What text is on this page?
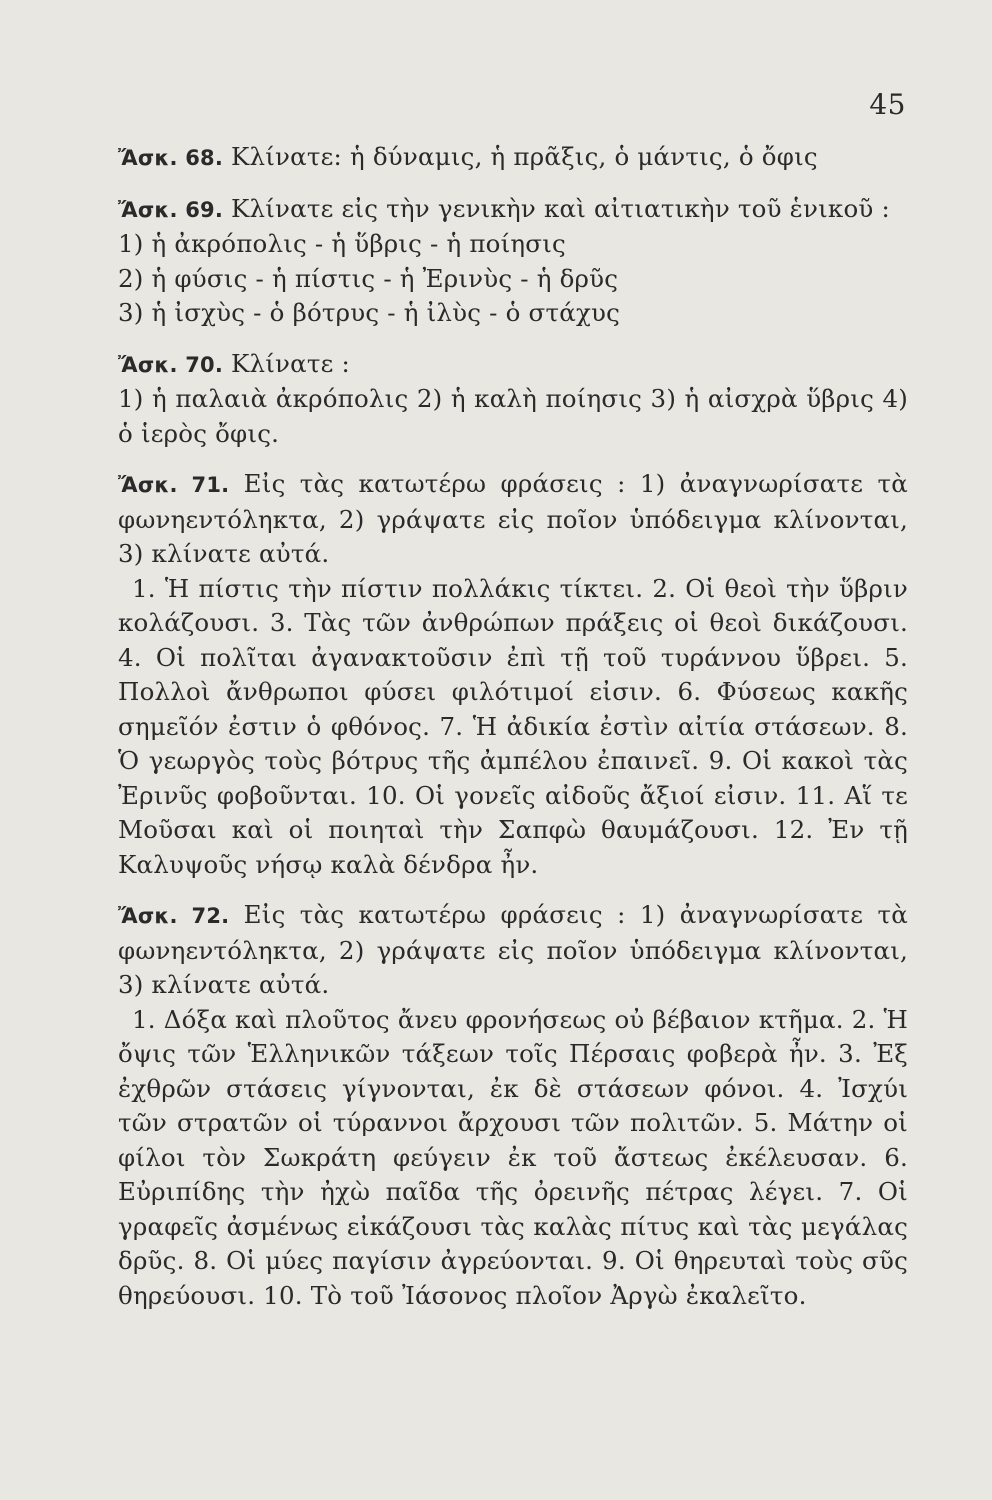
45

Ἄσκ. 68. Κλίνατε: ἡ δύναμις, ἡ πρᾶξις, ὁ μάντις, ὁ ὄφις

Ἄσκ. 69. Κλίνατε εἰς τὴν γενικὴν καὶ αἰτιατικὴν τοῦ ἑνικοῦ :

1) ἡ ἀκρόπολις - ἡ ὕβρις - ἡ ποίησις
2) ἡ φύσις - ἡ πίστις - ἡ Ἐρινὺς - ἡ δρῦς
3) ἡ ἰσχὺς - ὁ βότρυς - ἡ ἰλὺς - ὁ στάχυς

Ἄσκ. 70. Κλίνατε :

1) ἡ παλαιὰ ἀκρόπολις 2) ἡ καλὴ ποίησις 3) ἡ αἰσχρὰ ὕβρις 4) ὁ ἱερὸς ὄφις.

Ἄσκ. 71. Εἰς τὰς κατωτέρω φράσεις : 1) ἀναγνωρίσατε τὰ φωνηεντόληκτα, 2) γράψατε εἰς ποῖον ὑπόδειγμα κλίνονται, 3) κλίνατε αὐτά.

1. Ἡ πίστις τὴν πίστιν πολλάκις τίκτει. 2. Οἱ θεοὶ τὴν ὕβριν κολάζουσι. 3. Τὰς τῶν ἀνθρώπων πράξεις οἱ θεοὶ δικάζουσι. 4. Οἱ πολῖται ἀγανακτοῦσιν ἐπὶ τῇ τοῦ τυράννου ὕβρει. 5. Πολλοὶ ἄνθρωποι φύσει φιλότιμοί εἰσιν. 6. Φύσεως κακῆς σημεῖόν ἐστιν ὁ φθόνος. 7. Ἡ ἀδικία ἐστὶν αἰτία στάσεων. 8. Ὁ γεωργὸς τοὺς βότρυς τῆς ἀμπέλου ἐπαινεῖ. 9. Οἱ κακοὶ τὰς Ἐρινῦς φοβοῦνται. 10. Οἱ γονεῖς αἰδοῦς ἄξιοί εἰσιν. 11. Αἵ τε Μοῦσαι καὶ οἱ ποιηταὶ τὴν Σαπφὼ θαυμάζουσι. 12. Ἐν τῇ Καλυψοῦς νήσῳ καλὰ δένδρα ἦν.

Ἄσκ. 72. Εἰς τὰς κατωτέρω φράσεις : 1) ἀναγνωρίσατε τὰ φωνηεντόληκτα, 2) γράψατε εἰς ποῖον ὑπόδειγμα κλίνονται, 3) κλίνατε αὐτά.

1. Δόξα καὶ πλοῦτος ἄνευ φρονήσεως οὐ βέβαιον κτῆμα. 2. Ἡ ὄψις τῶν Ἑλληνικῶν τάξεων τοῖς Πέρσαις φοβερὰ ἦν. 3. Ἐξ ἐχθρῶν στάσεις γίγνονται, ἐκ δὲ στάσεων φόνοι. 4. Ἰσχύι τῶν στρατῶν οἱ τύραννοι ἄρχουσι τῶν πολιτῶν. 5. Μάτην οἱ φίλοι τὸν Σωκράτη φεύγειν ἐκ τοῦ ἄστεως ἐκέλευσαν. 6. Εὐριπίδης τὴν ἠχὼ παῖδα τῆς ὀρεινῆς πέτρας λέγει. 7. Οἱ γραφεῖς ἀσμένως εἰκάζουσι τὰς καλὰς πίτυς καὶ τὰς μεγάλας δρῦς. 8. Οἱ μύες παγίσιν ἀγρεύονται. 9. Οἱ θηρευταὶ τοὺς σῦς θηρεύουσι. 10. Τὸ τοῦ Ἰάσονος πλοῖον Ἀργὼ ἐκαλεῖτο.
